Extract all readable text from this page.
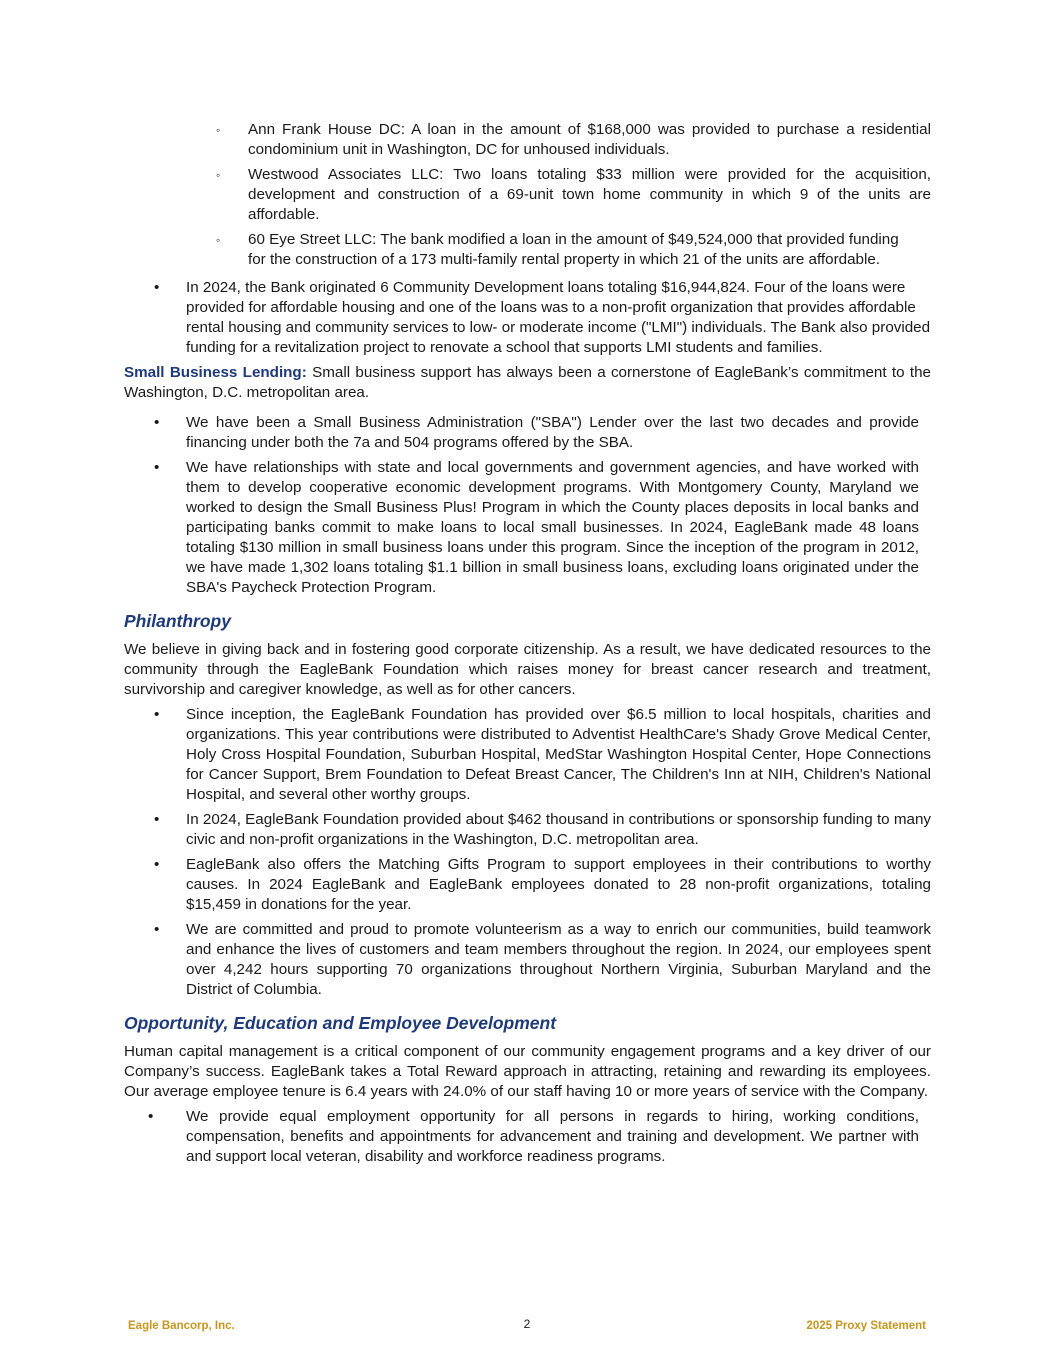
◦ Ann Frank House DC: A loan in the amount of $168,000 was provided to purchase a residential condominium unit in Washington, DC for unhoused individuals.
◦ Westwood Associates LLC: Two loans totaling $33 million were provided for the acquisition, development and construction of a 69-unit town home community in which 9 of the units are affordable.
◦ 60 Eye Street LLC: The bank modified a loan in the amount of $49,524,000 that provided funding for the construction of a 173 multi-family rental property in which 21 of the units are affordable.
• In 2024, the Bank originated 6 Community Development loans totaling $16,944,824. Four of the loans were provided for affordable housing and one of the loans was to a non-profit organization that provides affordable rental housing and community services to low- or moderate income ("LMI") individuals. The Bank also provided funding for a revitalization project to renovate a school that supports LMI students and families.

Small Business Lending: Small business support has always been a cornerstone of EagleBank’s commitment to the Washington, D.C. metropolitan area.

• We have been a Small Business Administration ("SBA") Lender over the last two decades and provide financing under both the 7a and 504 programs offered by the SBA.
• We have relationships with state and local governments and government agencies, and have worked with them to develop cooperative economic development programs. With Montgomery County, Maryland we worked to design the Small Business Plus! Program in which the County places deposits in local banks and participating banks commit to make loans to local small businesses. In 2024, EagleBank made 48 loans totaling $130 million in small business loans under this program. Since the inception of the program in 2012, we have made 1,302 loans totaling $1.1 billion in small business loans, excluding loans originated under the SBA's Paycheck Protection Program.
Philanthropy

We believe in giving back and in fostering good corporate citizenship. As a result, we have dedicated resources to the community through the EagleBank Foundation which raises money for breast cancer research and treatment, survivorship and caregiver knowledge, as well as for other cancers.

• Since inception, the EagleBank Foundation has provided over $6.5 million to local hospitals, charities and organizations. This year contributions were distributed to Adventist HealthCare's Shady Grove Medical Center, Holy Cross Hospital Foundation, Suburban Hospital, MedStar Washington Hospital Center, Hope Connections for Cancer Support, Brem Foundation to Defeat Breast Cancer, The Children's Inn at NIH, Children's National Hospital, and several other worthy groups.
• In 2024, EagleBank Foundation provided about $462 thousand in contributions or sponsorship funding to many civic and non-profit organizations in the Washington, D.C. metropolitan area.
• EagleBank also offers the Matching Gifts Program to support employees in their contributions to worthy causes. In 2024 EagleBank and EagleBank employees donated to 28 non-profit organizations, totaling $15,459 in donations for the year.
• We are committed and proud to promote volunteerism as a way to enrich our communities, build teamwork and enhance the lives of customers and team members throughout the region. In 2024, our employees spent over 4,242 hours supporting 70 organizations throughout Northern Virginia, Suburban Maryland and the District of Columbia.
Opportunity, Education and Employee Development

Human capital management is a critical component of our community engagement programs and a key driver of our Company’s success. EagleBank takes a Total Reward approach in attracting, retaining and rewarding its employees. Our average employee tenure is 6.4 years with 24.0% of our staff having 10 or more years of service with the Company.

• We provide equal employment opportunity for all persons in regards to hiring, working conditions, compensation, benefits and appointments for advancement and training and development. We partner with and support local veteran, disability and workforce readiness programs.
Eagle Bancorp, Inc.	2	2025 Proxy Statement
